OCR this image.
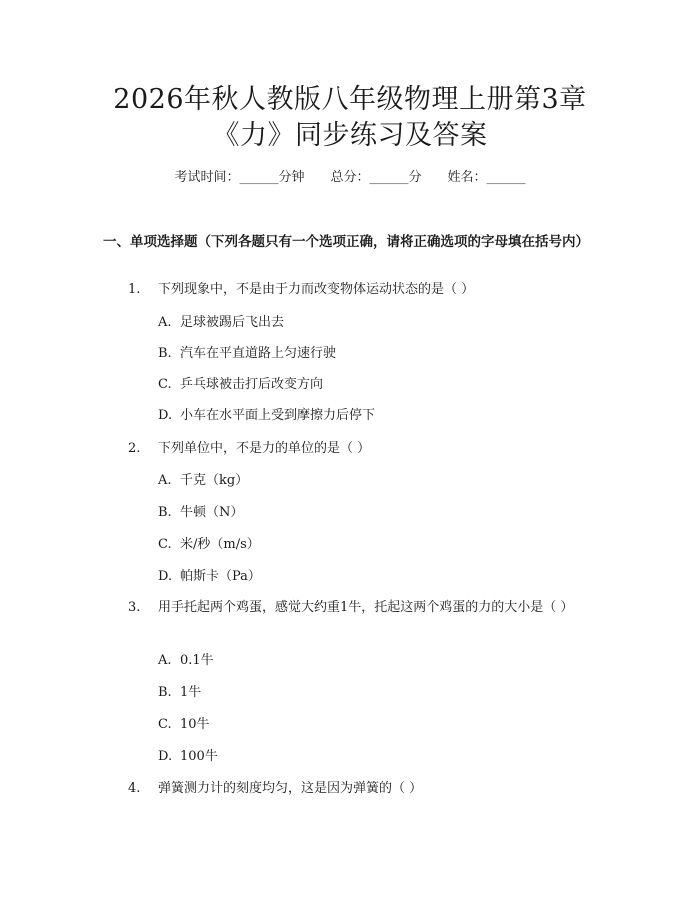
2026年秋人教版八年级物理上册第3章
《力》同步练习及答案
考试时间：______分钟 总分：______分 姓名：______
一、单项选择题（下列各题只有一个选项正确，请将正确选项的字母填在括号内）
1. 下列现象中，不是由于力而改变物体运动状态的是（ ）
A. 足球被踢后飞出去
B. 汽车在平直道路上匀速行驶
C. 乒乓球被击打后改变方向
D. 小车在水平面上受到摩擦力后停下
2. 下列单位中，不是力的单位的是（ ）
A. 千克（kg）
B. 牛顿（N）
C. 米/秒（m/s）
D. 帕斯卡（Pa）
3. 用手托起两个鸡蛋，感觉大约重1牛，托起这两个鸡蛋的力的大小是（ ）
A. 0.1牛
B. 1牛
C. 10牛
D. 100牛
4. 弹簧测力计的刻度均匀，这是因为弹簧的（ ）
